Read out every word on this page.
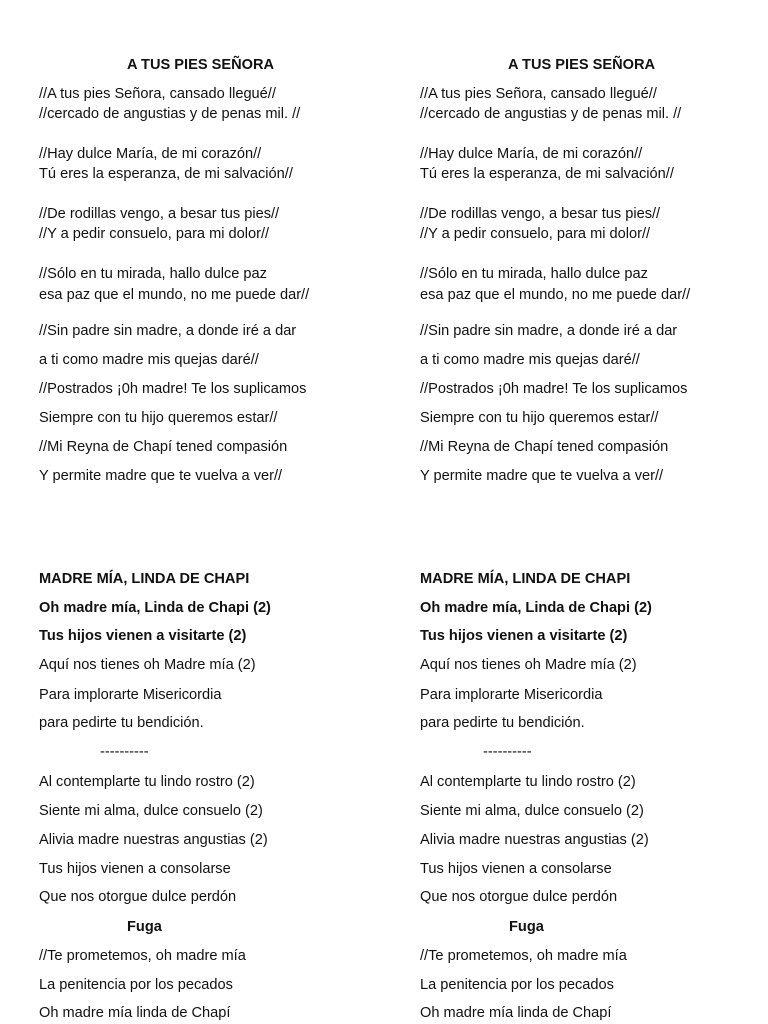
A TUS PIES SEÑORA
//A tus pies Señora, cansado llegué//
//cercado de angustias y de penas mil. //
//Hay dulce María, de mi corazón//
Tú eres la esperanza, de mi salvación//
//De rodillas vengo, a besar tus pies//
//Y a pedir consuelo, para mi dolor//
//Sólo en tu mirada, hallo dulce paz
esa paz que el mundo, no me puede dar//
//Sin padre sin madre, a donde iré a dar
a ti como madre mis quejas daré//
//Postrados ¡0h madre! Te los suplicamos
Siempre con tu hijo queremos estar//
//Mi Reyna de Chapí tened compasión
Y permite madre que te vuelva a ver//
MADRE MÍA, LINDA DE CHAPI
Oh madre mía, Linda de Chapi (2)
Tus hijos vienen a visitarte (2)
Aquí nos tienes oh Madre mía (2)
Para implorarte Misericordia
para pedirte tu bendición.
----------
Al contemplarte tu lindo rostro (2)
Siente mi alma, dulce consuelo (2)
Alivia madre nuestras angustias (2)
Tus hijos vienen a consolarse
Que nos otorgue dulce perdón
Fuga
//Te prometemos, oh madre mía
La penitencia por los pecados
Oh madre mía linda de Chapí
A TUS PIES SEÑORA
//A tus pies Señora, cansado llegué//
//cercado de angustias y de penas mil. //
//Hay dulce María, de mi corazón//
Tú eres la esperanza, de mi salvación//
//De rodillas vengo, a besar tus pies//
//Y a pedir consuelo, para mi dolor//
//Sólo en tu mirada, hallo dulce paz
esa paz que el mundo, no me puede dar//
//Sin padre sin madre, a donde iré a dar
a ti como madre mis quejas daré//
//Postrados ¡0h madre! Te los suplicamos
Siempre con tu hijo queremos estar//
//Mi Reyna de Chapí tened compasión
Y permite madre que te vuelva a ver//
MADRE MÍA, LINDA DE CHAPI
Oh madre mía, Linda de Chapi (2)
Tus hijos vienen a visitarte (2)
Aquí nos tienes oh Madre mía (2)
Para implorarte Misericordia
para pedirte tu bendición.
----------
Al contemplarte tu lindo rostro (2)
Siente mi alma, dulce consuelo (2)
Alivia madre nuestras angustias (2)
Tus hijos vienen a consolarse
Que nos otorgue dulce perdón
Fuga
//Te prometemos, oh madre mía
La penitencia por los pecados
Oh madre mía linda de Chapí
